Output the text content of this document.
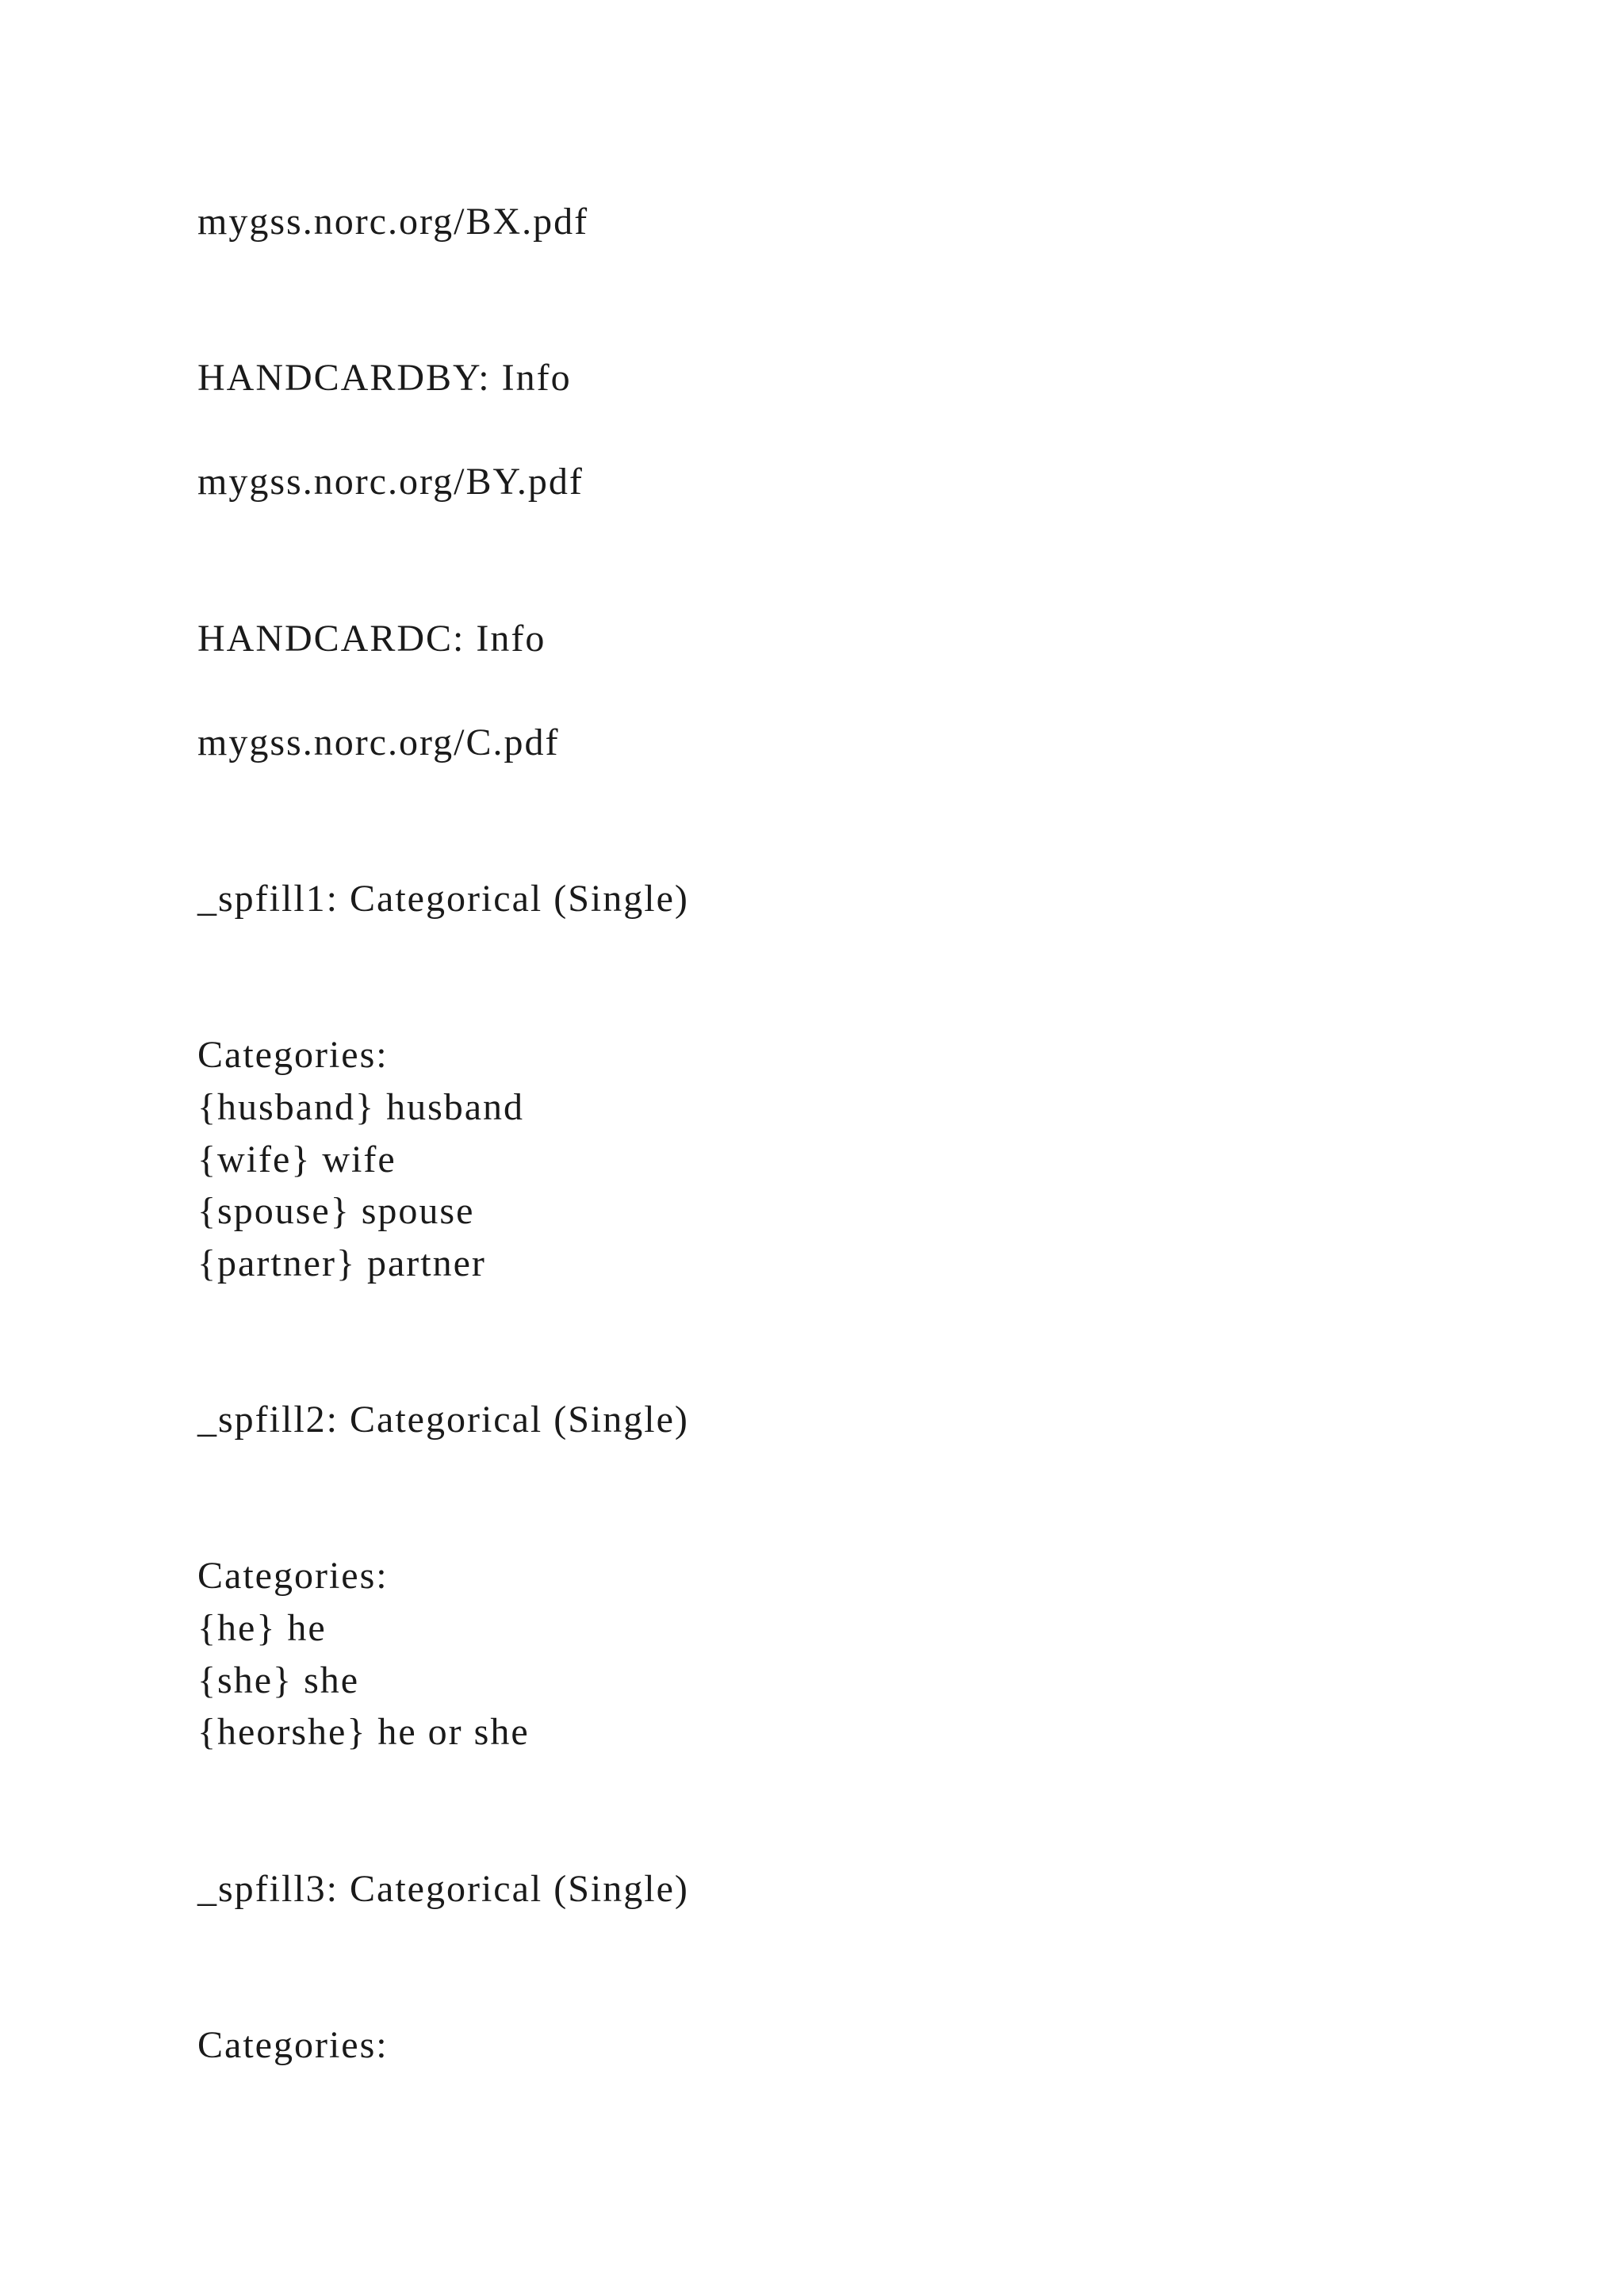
mygss.norc.org/BX.pdf
HANDCARDBY: Info
mygss.norc.org/BY.pdf
HANDCARDC: Info
mygss.norc.org/C.pdf
_spfill1: Categorical (Single)
Categories:
{husband} husband
{wife} wife
{spouse} spouse
{partner} partner
_spfill2: Categorical (Single)
Categories:
{he} he
{she} she
{heorshe} he or she
_spfill3: Categorical (Single)
Categories:
